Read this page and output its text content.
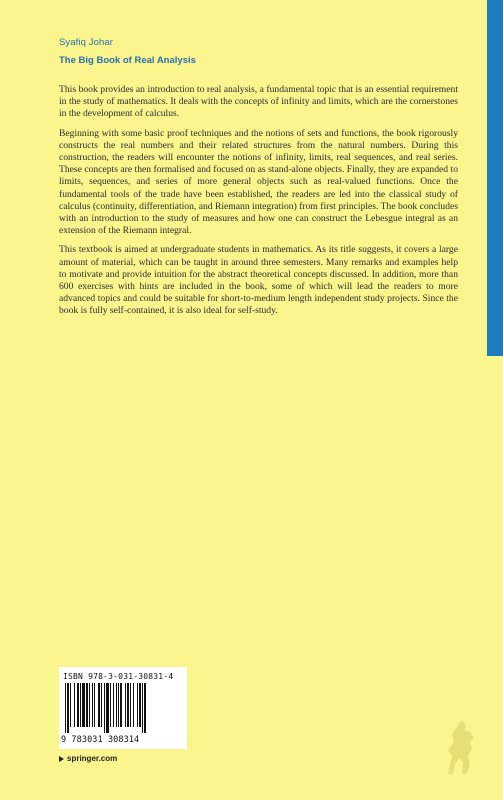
Syafiq Johar
The Big Book of Real Analysis

This book provides an introduction to real analysis, a fundamental topic that is an essential requirement in the study of mathematics. It deals with the concepts of infinity and limits, which are the cornerstones in the development of calculus.

Beginning with some basic proof techniques and the notions of sets and functions, the book rigorously constructs the real numbers and their related structures from the natural numbers. During this construction, the readers will encounter the notions of infinity, limits, real sequences, and real series. These concepts are then formalised and focused on as stand-alone objects. Finally, they are expanded to limits, sequences, and series of more general objects such as real-valued functions. Once the fundamental tools of the trade have been established, the readers are led into the classical study of calculus (continuity, differentiation, and Riemann integration) from first principles. The book concludes with an introduction to the study of measures and how one can construct the Lebesgue integral as an extension of the Riemann integral.

This textbook is aimed at undergraduate students in mathematics. As its title suggests, it covers a large amount of material, which can be taught in around three semesters. Many remarks and examples help to motivate and provide intuition for the abstract theoretical concepts discussed. In addition, more than 600 exercises with hints are included in the book, some of which will lead the readers to more advanced topics and could be suitable for short-to-medium length independent study projects. Since the book is fully self-contained, it is also ideal for self-study.

ISBN 978-3-031-30831-4
9 783031 308314
springer.com
